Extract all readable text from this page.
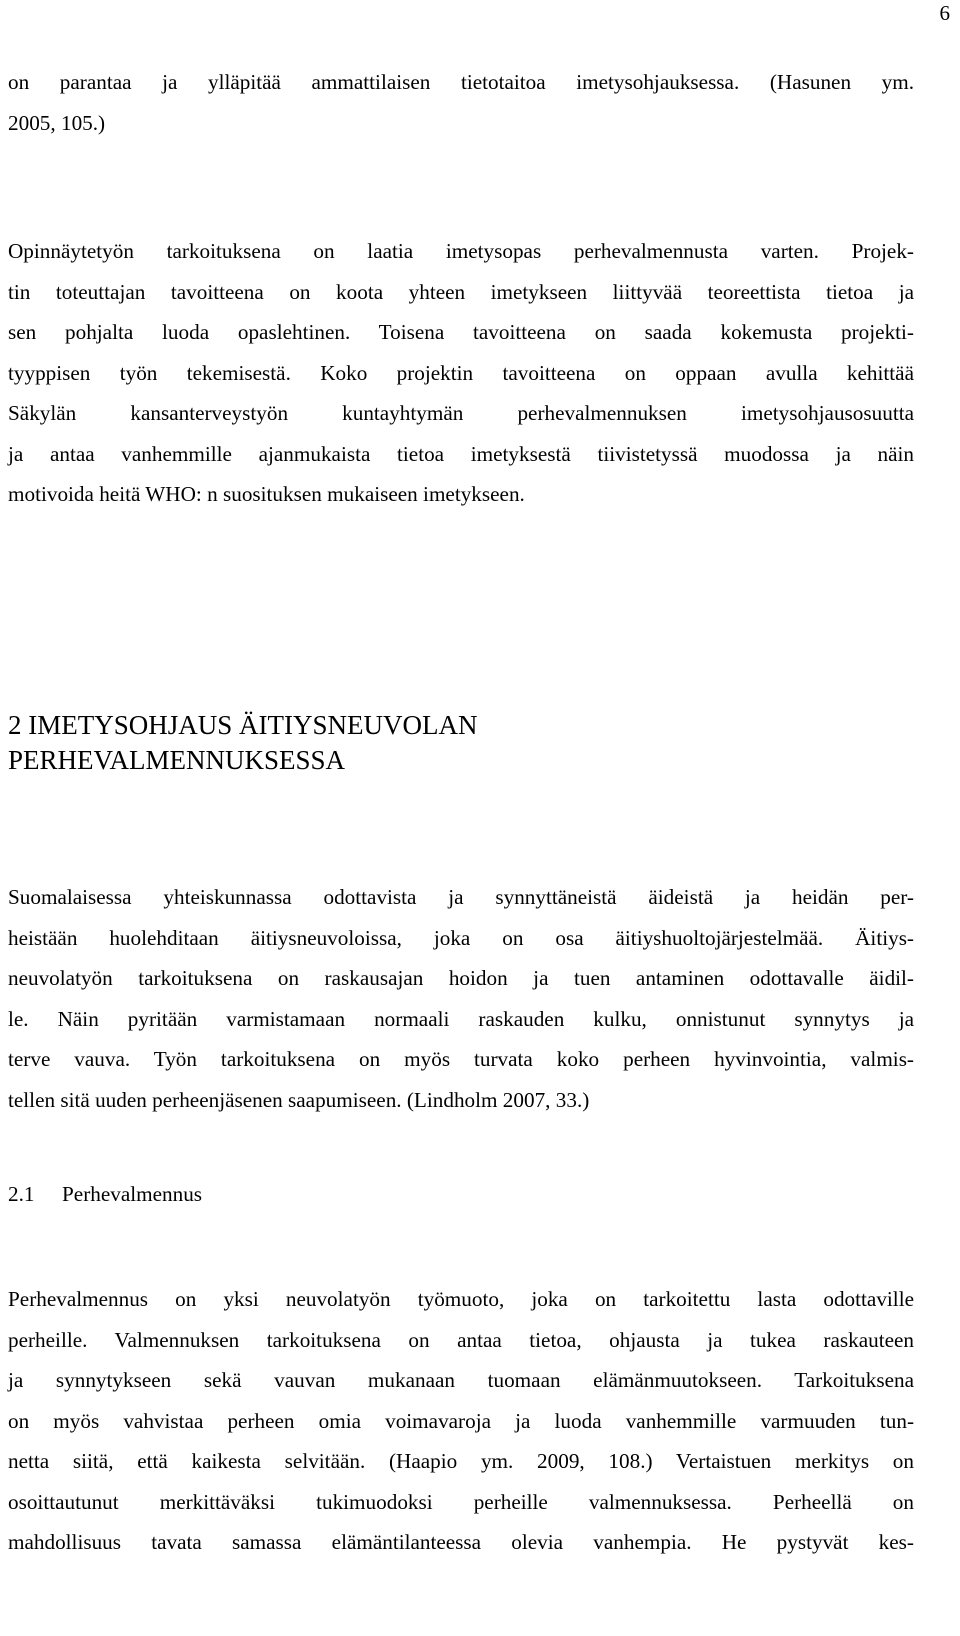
6

on parantaa ja ylläpitää ammattilaisen tietotaitoa imetysohjauksessa. (Hasunen ym.
2005, 105.)

Opinnäytetyön tarkoituksena on laatia imetysopas perhevalmennusta varten. Projek-
tin toteuttajan tavoitteena on koota yhteen imetykseen liittyvää teoreettista tietoa ja
sen pohjalta luoda opaslehtinen. Toisena tavoitteena on saada kokemusta projekti-
tyyppisen työn tekemisestä. Koko projektin tavoitteena on oppaan avulla kehittää
Säkylän kansanterveystyön kuntayhtymän perhevalmennuksen imetysohjausosuutta
ja antaa vanhemmille ajanmukaista tietoa imetyksestä tiivistetyssä muodossa ja näin
motivoida heitä WHO: n suosituksen mukaiseen imetykseen.

2 IMETYSOHJAUS ÄITIYSNEUVOLAN
PERHEVALMENNUKSESSA

Suomalaisessa yhteiskunnassa odottavista ja synnyttäneistä äideistä ja heidän per-
heistään huolehditaan äitiysneuvoloissa, joka on osa äitiyshuoltojärjestelmää. Äitiys-
neuvolatyön tarkoituksena on raskausajan hoidon ja tuen antaminen odottavalle äidil-
le. Näin pyritään varmistamaan normaali raskauden kulku, onnistunut synnytys ja
terve vauva. Työn tarkoituksena on myös turvata koko perheen hyvinvointia, valmis-
tellen sitä uuden perheenjäsenen saapumiseen. (Lindholm 2007, 33.)

2.1 Perhevalmennus

Perhevalmennus on yksi neuvolatyön työmuoto, joka on tarkoitettu lasta odottaville
perheille. Valmennuksen tarkoituksena on antaa tietoa, ohjausta ja tukea raskauteen
ja synnytykseen sekä vauvan mukanaan tuomaan elämänmuutokseen. Tarkoituksena
on myös vahvistaa perheen omia voimavaroja ja luoda vanhemmille varmuuden tun-
netta siitä, että kaikesta selvitään. (Haapio ym. 2009, 108.) Vertaistuen merkitys on
osoittautunut merkittäväksi tukimuodoksi perheille valmennuksessa. Perheellä on
mahdollisuus tavata samassa elämäntilanteessa olevia vanhempia. He pystyvät kes-
